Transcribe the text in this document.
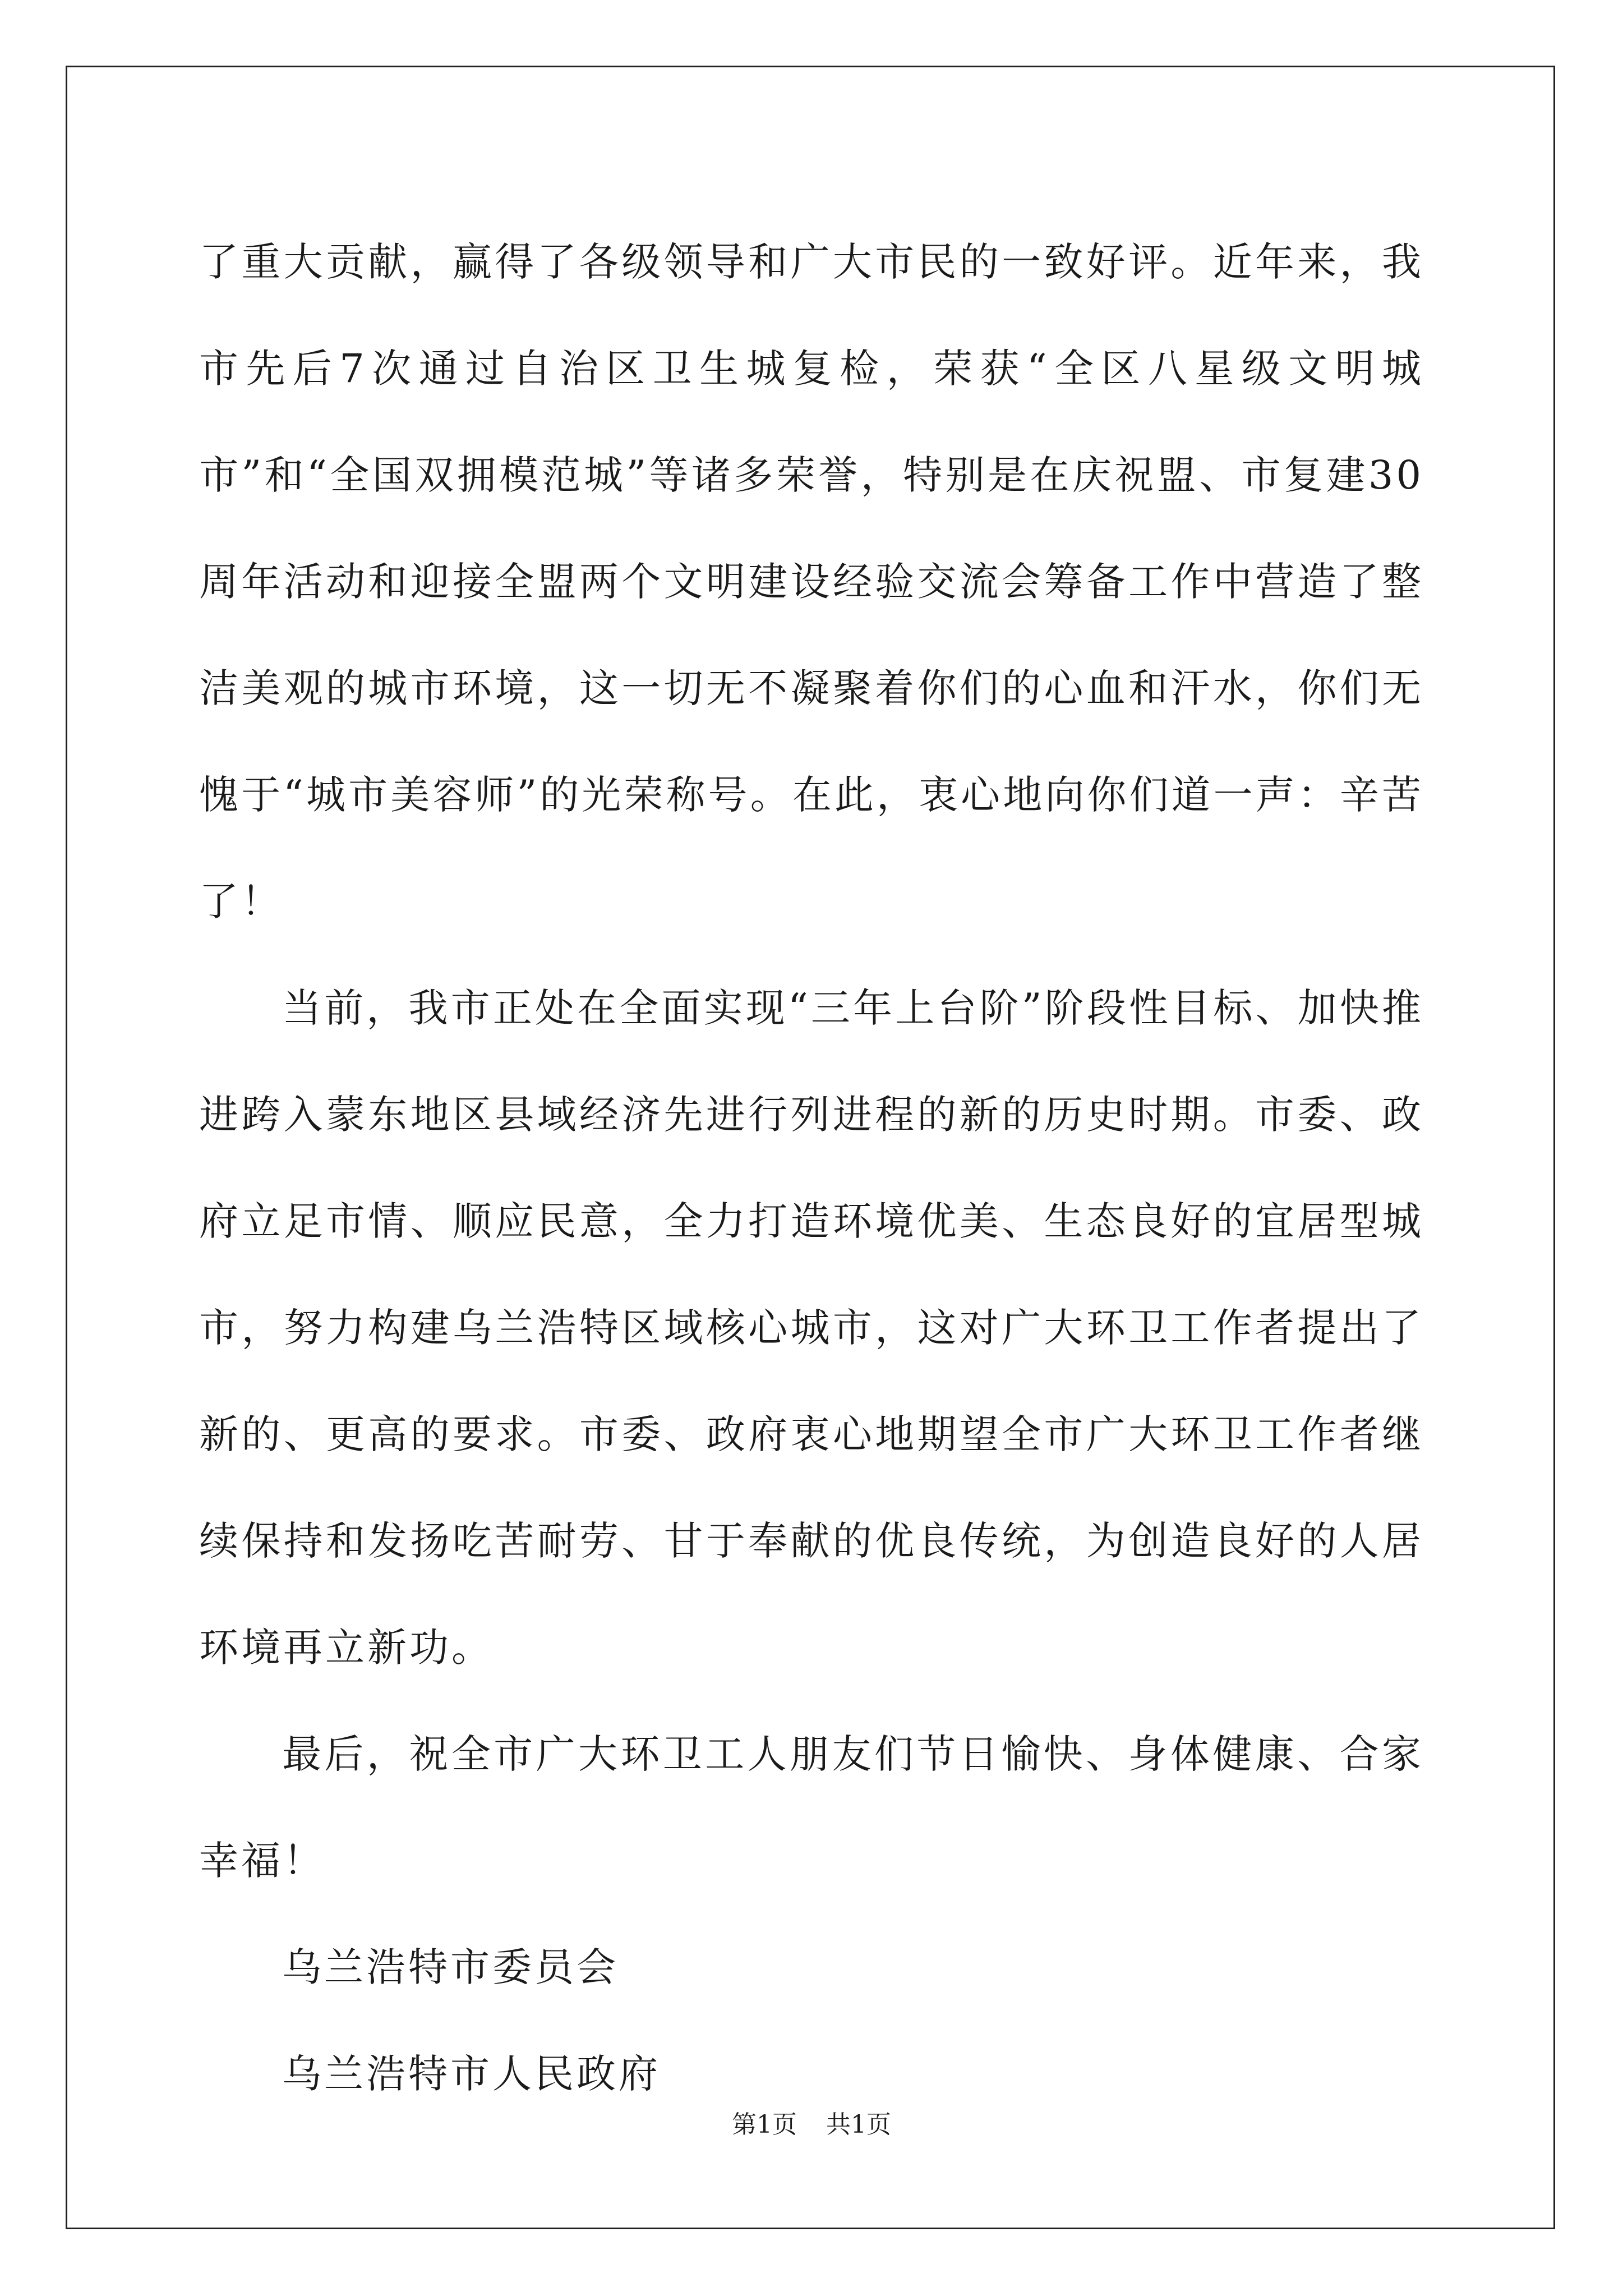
了重大贡献，赢得了各级领导和广大市民的一致好评。近年来，我市先后7次通过自治区卫生城复检，荣获“全区八星级文明城市”和“全国双拥模范城”等诸多荣誉，特别是在庆祝盟、市复建30周年活动和迎接全盟两个文明建设经验交流会筹备工作中营造了整洁美观的城市环境，这一切无不凝聚着你们的心血和汗水，你们无愧于“城市美容师”的光荣称号。在此，衷心地向你们道一声：辛苦了！

当前，我市正处在全面实现“三年上台阶”阶段性目标、加快推进跨入蒙东地区县域经济先进行列进程的新的历史时期。市委、政府立足市情、顺应民意，全力打造环境优美、生态良好的宜居型城市，努力构建乌兰浩特区域核心城市，这对广大环卫工作者提出了新的、更高的要求。市委、政府衷心地期望全市广大环卫工作者继续保持和发扬吃苦耐劳、甘于奉献的优良传统，为创造良好的人居环境再立新功。

最后，祝全市广大环卫工人朋友们节日愉快、身体健康、合家幸福！

乌兰浩特市委员会

乌兰浩特市人民政府

第1页 共1页
